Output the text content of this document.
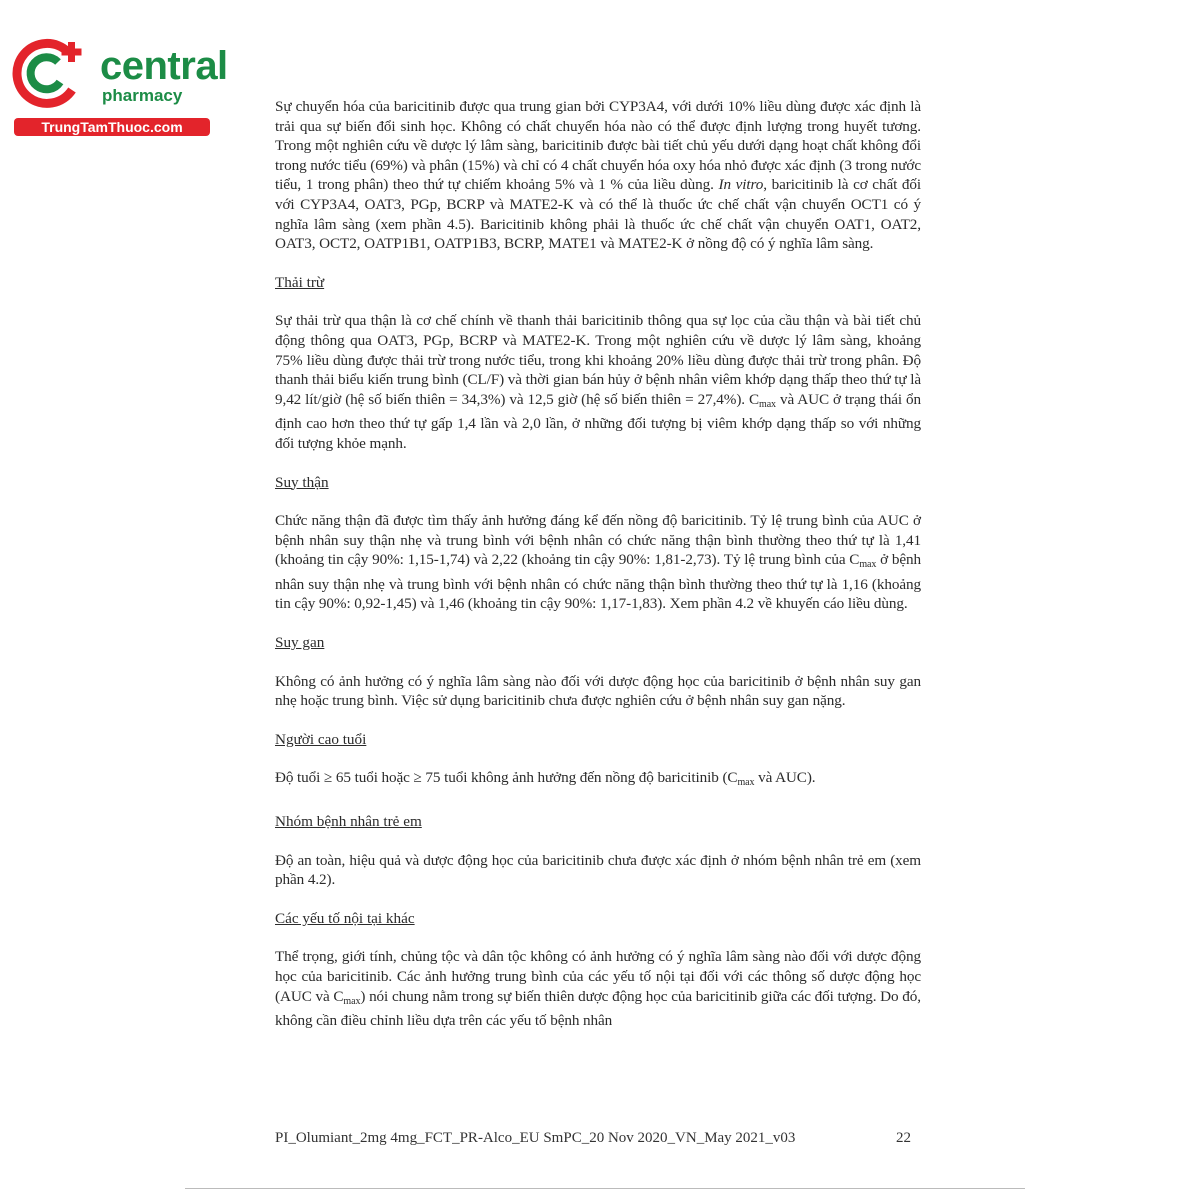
central
pharmacy
TrungTamThuoc.com

Sự chuyển hóa của baricitinib được qua trung gian bởi CYP3A4, với dưới 10% liều dùng được xác định là trải qua sự biến đổi sinh học. Không có chất chuyển hóa nào có thể được định lượng trong huyết tương. Trong một nghiên cứu về dược lý lâm sàng, baricitinib được bài tiết chủ yếu dưới dạng hoạt chất không đổi trong nước tiểu (69%) và phân (15%) và chỉ có 4 chất chuyển hóa oxy hóa nhỏ được xác định (3 trong nước tiểu, 1 trong phân) theo thứ tự chiếm khoảng 5% và 1 % của liều dùng. In vitro, baricitinib là cơ chất đối với CYP3A4, OAT3, PGp, BCRP và MATE2-K và có thể là thuốc ức chế chất vận chuyển OCT1 có ý nghĩa lâm sàng (xem phần 4.5). Baricitinib không phải là thuốc ức chế chất vận chuyển OAT1, OAT2, OAT3, OCT2, OATP1B1, OATP1B3, BCRP, MATE1 và MATE2-K ở nồng độ có ý nghĩa lâm sàng.

Thải trừ

Sự thải trừ qua thận là cơ chế chính về thanh thải baricitinib thông qua sự lọc của cầu thận và bài tiết chủ động thông qua OAT3, PGp, BCRP và MATE2-K. Trong một nghiên cứu về dược lý lâm sàng, khoảng 75% liều dùng được thải trừ trong nước tiểu, trong khi khoảng 20% liều dùng được thải trừ trong phân. Độ thanh thải biểu kiến trung bình (CL/F) và thời gian bán hủy ở bệnh nhân viêm khớp dạng thấp theo thứ tự là 9,42 lít/giờ (hệ số biến thiên = 34,3%) và 12,5 giờ (hệ số biến thiên = 27,4%). $C_{max}$ và AUC ở trạng thái ổn định cao hơn theo thứ tự gấp 1,4 lần và 2,0 lần, ở những đối tượng bị viêm khớp dạng thấp so với những đối tượng khỏe mạnh.

Suy thận

Chức năng thận đã được tìm thấy ảnh hưởng đáng kể đến nồng độ baricitinib. Tỷ lệ trung bình của AUC ở bệnh nhân suy thận nhẹ và trung bình với bệnh nhân có chức năng thận bình thường theo thứ tự là 1,41 (khoảng tin cậy 90%: 1,15-1,74) và 2,22 (khoảng tin cậy 90%: 1,81-2,73). Tỷ lệ trung bình của $C_{max}$ ở bệnh nhân suy thận nhẹ và trung bình với bệnh nhân có chức năng thận bình thường theo thứ tự là 1,16 (khoảng tin cậy 90%: 0,92-1,45) và 1,46 (khoảng tin cậy 90%: 1,17-1,83). Xem phần 4.2 về khuyến cáo liều dùng.

Suy gan

Không có ảnh hưởng có ý nghĩa lâm sàng nào đối với dược động học của baricitinib ở bệnh nhân suy gan nhẹ hoặc trung bình. Việc sử dụng baricitinib chưa được nghiên cứu ở bệnh nhân suy gan nặng.

Người cao tuổi

Độ tuổi ≥ 65 tuổi hoặc ≥ 75 tuổi không ảnh hưởng đến nồng độ baricitinib ($C_{max}$ và AUC).

Nhóm bệnh nhân trẻ em

Độ an toàn, hiệu quả và dược động học của baricitinib chưa được xác định ở nhóm bệnh nhân trẻ em (xem phần 4.2).

Các yếu tố nội tại khác

Thể trọng, giới tính, chủng tộc và dân tộc không có ảnh hưởng có ý nghĩa lâm sàng nào đối với dược động học của baricitinib. Các ảnh hưởng trung bình của các yếu tố nội tại đối với các thông số dược động học (AUC và $C_{max}$) nói chung nằm trong sự biến thiên dược động học của baricitinib giữa các đối tượng. Do đó, không cần điều chỉnh liều dựa trên các yếu tố bệnh nhân

PI_Olumiant_2mg 4mg_FCT_PR-Alco_EU SmPC_20 Nov 2020_VN_May 2021_v03	22
